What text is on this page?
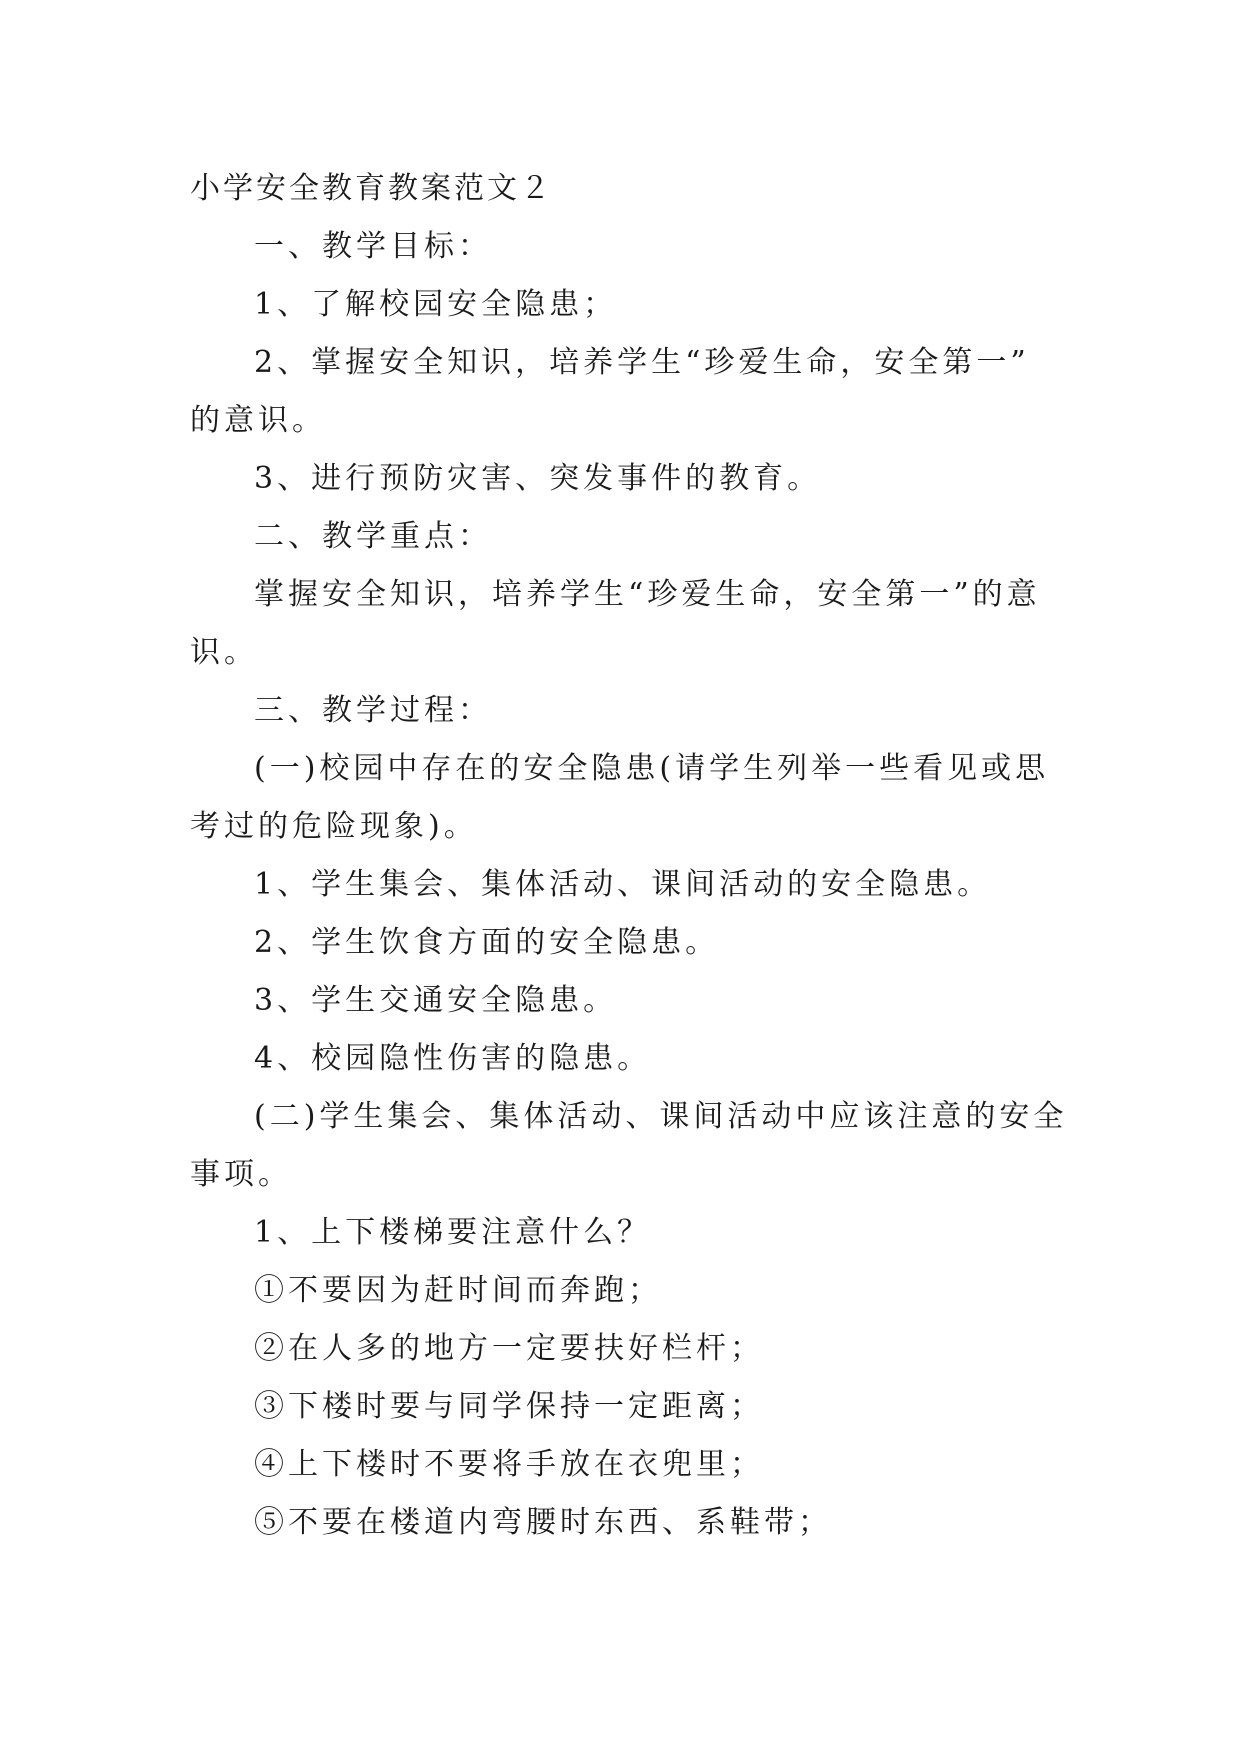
小学安全教育教案范文２
一、教学目标：
1、了解校园安全隐患；
2、掌握安全知识，培养学生“珍爱生命，安全第一”
的意识。
3、进行预防灾害、突发事件的教育。
二、教学重点：
掌握安全知识，培养学生“珍爱生命，安全第一”的意
识。
三、教学过程：
(一)校园中存在的安全隐患(请学生列举一些看见或思
考过的危险现象)。
1、学生集会、集体活动、课间活动的安全隐患。
2、学生饮食方面的安全隐患。
3、学生交通安全隐患。
4、校园隐性伤害的隐患。
(二)学生集会、集体活动、课间活动中应该注意的安全
事项。
1、上下楼梯要注意什么？
①不要因为赶时间而奔跑；
②在人多的地方一定要扶好栏杆；
③下楼时要与同学保持一定距离；
④上下楼时不要将手放在衣兜里；
⑤不要在楼道内弯腰时东西、系鞋带；
